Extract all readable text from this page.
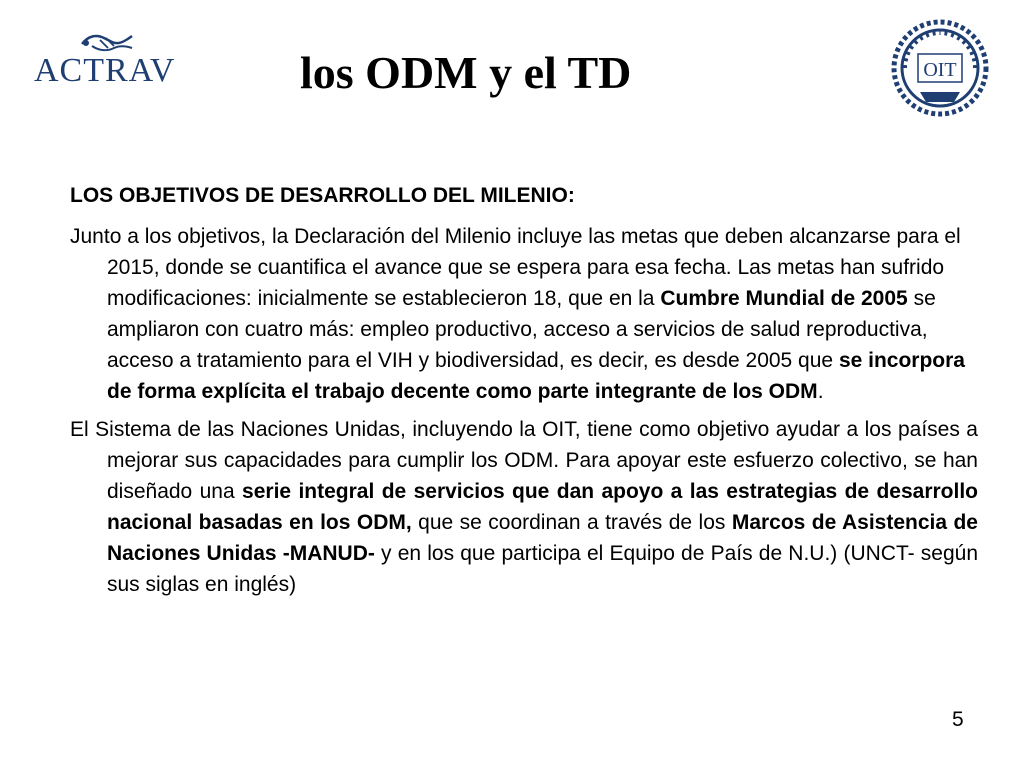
ACTRAV	los ODM y el TD	OIT

LOS OBJETIVOS DE DESARROLLO DEL MILENIO:

Junto a los objetivos, la Declaración del Milenio incluye las metas que deben alcanzarse para el 2015, donde se cuantifica el avance que se espera para esa fecha. Las metas han sufrido modificaciones: inicialmente se establecieron 18, que en la Cumbre Mundial de 2005 se ampliaron con cuatro más: empleo productivo, acceso a servicios de salud reproductiva, acceso a tratamiento para el VIH y biodiversidad, es decir, es desde 2005 que se incorpora de forma explícita el trabajo decente como parte integrante de los ODM.

El Sistema de las Naciones Unidas, incluyendo la OIT, tiene como objetivo ayudar a los países a mejorar sus capacidades para cumplir los ODM. Para apoyar este esfuerzo colectivo, se han diseñado una serie integral de servicios que dan apoyo a las estrategias de desarrollo nacional basadas en los ODM, que se coordinan a través de los Marcos de Asistencia de Naciones Unidas -MANUD- y en los que participa el Equipo de País de N.U.) (UNCT- según sus siglas en inglés)

5
